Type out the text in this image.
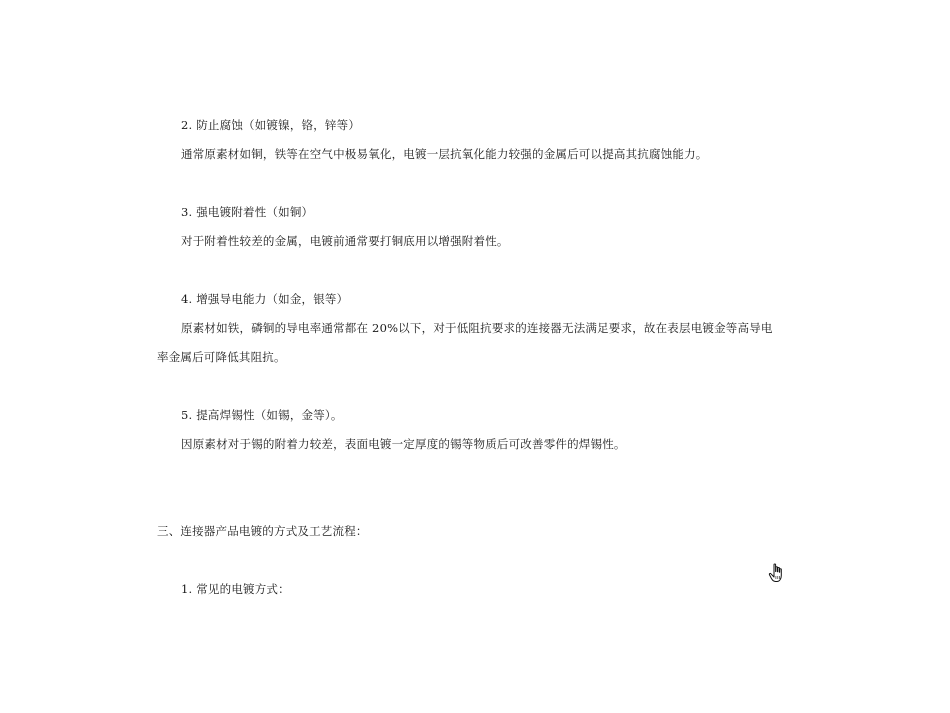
2. 防止腐蚀（如镀镍，铬，锌等）
通常原素材如铜，铁等在空气中极易氧化，电镀一层抗氧化能力较强的金属后可以提高其抗腐蚀能力。
3. 强电镀附着性（如铜）
对于附着性较差的金属，电镀前通常要打铜底用以增强附着性。
4. 增强导电能力（如金，银等）
原素材如铁，磷铜的导电率通常都在 20%以下，对于低阻抗要求的连接器无法满足要求，故在表层电镀金等高导电
率金属后可降低其阻抗。
5. 提高焊锡性（如锡，金等）。
因原素材对于锡的附着力较差，表面电镀一定厚度的锡等物质后可改善零件的焊锡性。
三、连接器产品电镀的方式及工艺流程：
1. 常见的电镀方式：
